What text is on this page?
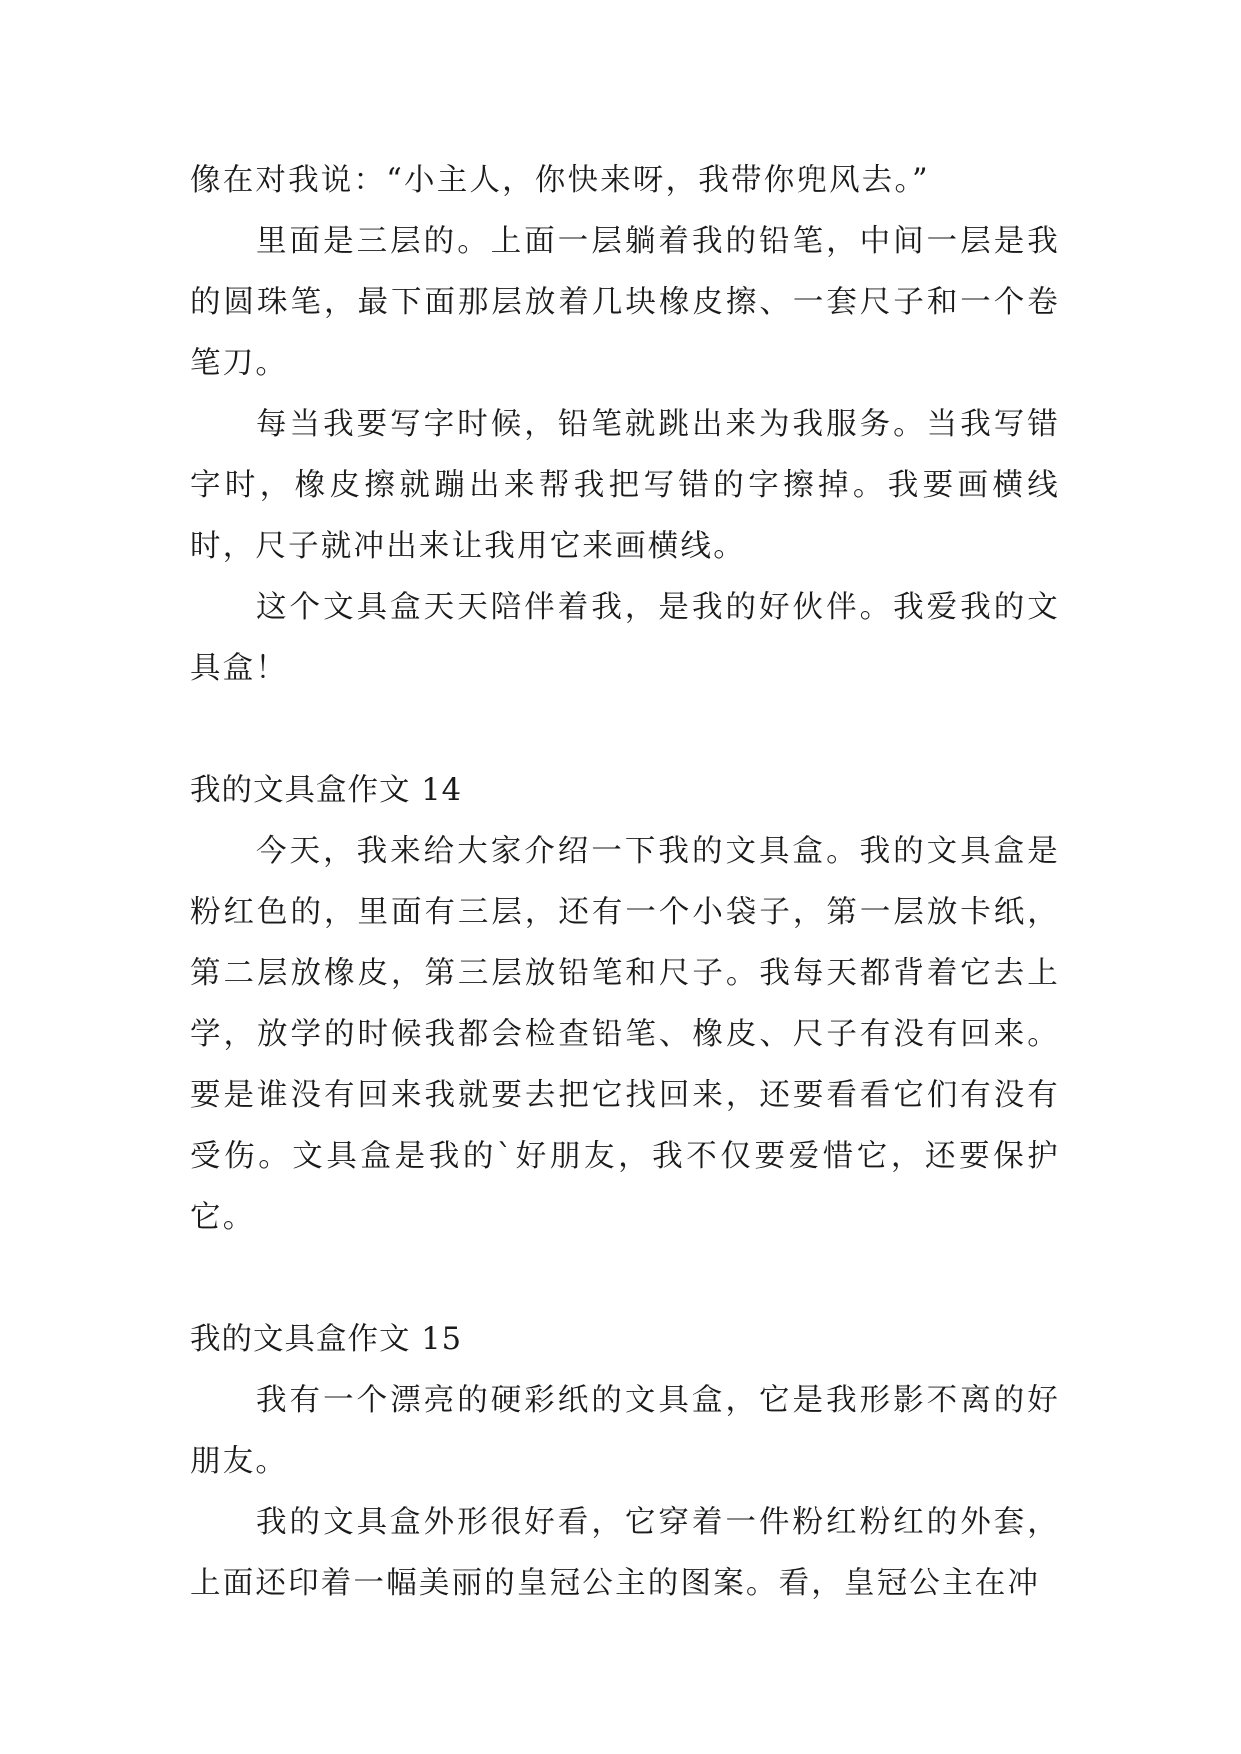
像在对我说：“小主人，你快来呀，我带你兜风去。”

里面是三层的。上面一层躺着我的铅笔，中间一层是我的圆珠笔，最下面那层放着几块橡皮擦、一套尺子和一个卷笔刀。

每当我要写字时候，铅笔就跳出来为我服务。当我写错字时，橡皮擦就蹦出来帮我把写错的字擦掉。我要画横线时，尺子就冲出来让我用它来画横线。

这个文具盒天天陪伴着我，是我的好伙伴。我爱我的文具盒！

我的文具盒作文 14

今天，我来给大家介绍一下我的文具盒。我的文具盒是粉红色的，里面有三层，还有一个小袋子，第一层放卡纸，第二层放橡皮，第三层放铅笔和尺子。我每天都背着它去上学，放学的时候我都会检查铅笔、橡皮、尺子有没有回来。要是谁没有回来我就要去把它找回来，还要看看它们有没有受伤。文具盒是我的`好朋友，我不仅要爱惜它，还要保护它。

我的文具盒作文 15

我有一个漂亮的硬彩纸的文具盒，它是我形影不离的好朋友。

我的文具盒外形很好看，它穿着一件粉红粉红的外套，上面还印着一幅美丽的皇冠公主的图案。看，皇冠公主在冲
